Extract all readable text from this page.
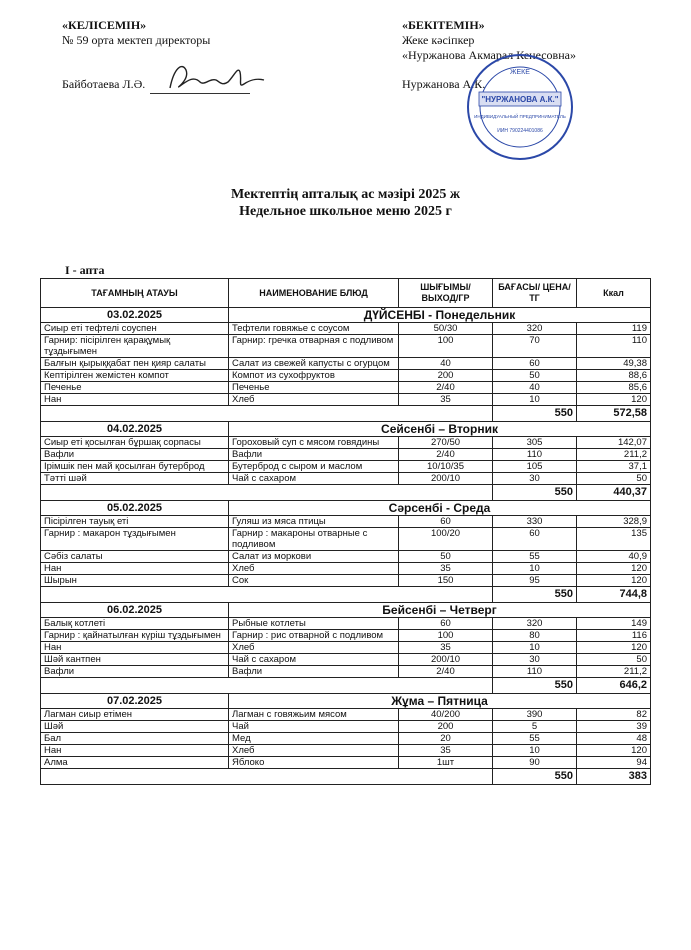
«КЕЛІСЕМІН»
№ 59 орта мектеп директоры
Байботаева Л.Ә.
«БЕКІТЕМІН»
Жеке кәсіпкер
«Нуржанова Акмарал Кенесовна»
Нуржанова А.К.
ЖЕКЕ
"НУРЖАНОВА А.К."
ИНДИВИДУАЛЬНЫЙ ПРЕДПРИНИМАТЕЛЬ
ИИН 790224401086
Мектептің апталық ас мәзірі 2025 ж
Недельное школьное меню 2025 г
I - апта
ТАҒАМНЫҢ АТАУЫ	НАИМЕНОВАНИЕ БЛЮД	ШЫҒЫМЫ/ ВЫХОД/ГР	БАҒАСЫ/ ЦЕНА/ТГ	Ккал
03.02.2025	ДҮЙСЕНБІ - Понедельник			
Сиыр еті тефтелі соуспен	Тефтели говяжье с соусом	50/30	320	119
Гарнир: пісірілген қарақұмық тұздығымен	Гарнир: гречка отварная с подливом	100	70	110
Балғын қырыққабат пен қияр салаты	Салат из свежей капусты с огурцом	40	60	49,38
Кептірілген жемістен компот	Компот из сухофруктов	200	50	88,6
Печенье	Печенье	2/40	40	85,6
Нан	Хлеб	35	10	120
			550	572,58
04.02.2025	Сейсенбі – Вторник			
Сиыр еті қосылған бұршақ сорпасы	Гороховый суп с мясом говядины	270/50	305	142,07
Вафли	Вафли	2/40	110	211,2
Ірімшік пен май қосылған бутерброд	Бутерброд с сыром и маслом	10/10/35	105	37,1
Тәтті шәй	Чай с сахаром	200/10	30	50
			550	440,37
05.02.2025	Сәрсенбі - Среда			
Пісірілген тауық еті	Гуляш из мяса птицы	60	330	328,9
Гарнир : макарон тұздығымен	Гарнир : макароны отварные с подливом	100/20	60	135
Сәбіз салаты	Салат из моркови	50	55	40,9
Нан	Хлеб	35	10	120
Шырын	Сок	150	95	120
			550	744,8
06.02.2025	Бейсенбі – Четверг			
Балық котлеті	Рыбные котлеты	60	320	149
Гарнир : қайнатылған күріш тұздығымен	Гарнир : рис отварной с подливом	100	80	116
Нан	Хлеб	35	10	120
Шәй кантпен	Чай с сахаром	200/10	30	50
Вафли	Вафли	2/40	110	211,2
			550	646,2
07.02.2025	Жұма – Пятница			
Лагман сиыр етімен	Лагман с говяжьим мясом	40/200	390	82
Шәй	Чай	200	5	39
Бал	Мед	20	55	48
Нан	Хлеб	35	10	120
Алма	Яблоко	1шт	90	94
			550	383
